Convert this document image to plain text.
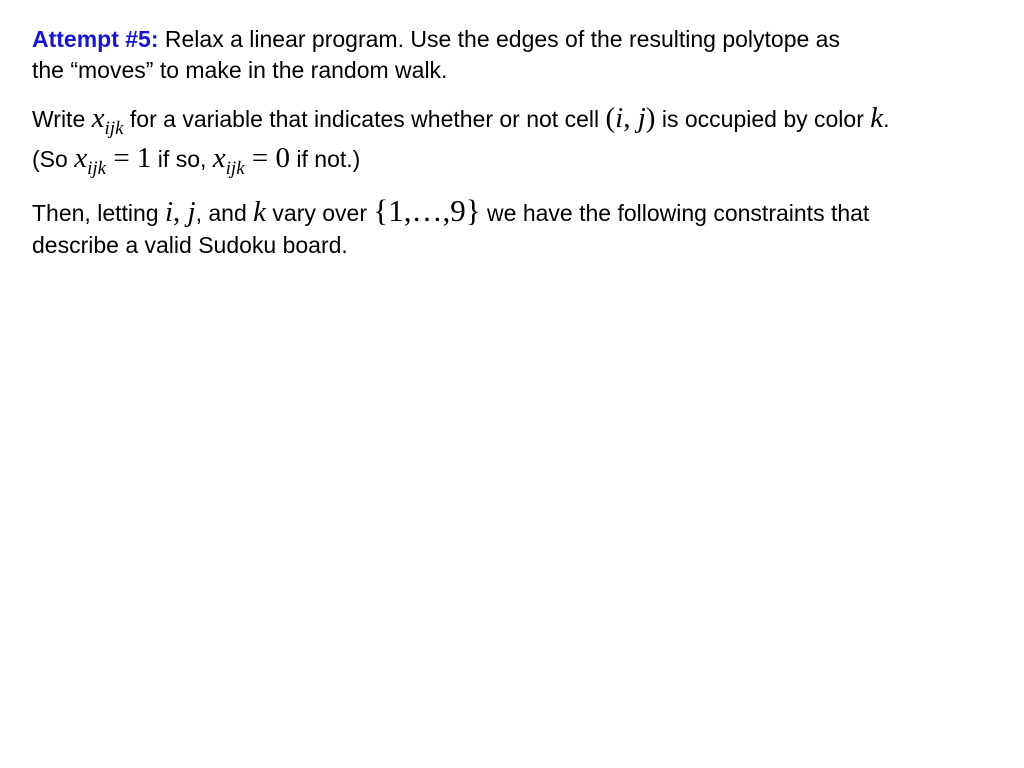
Attempt #5: Relax a linear program. Use the edges of the resulting polytope as
the “moves” to make in the random walk.

Write $x_{ijk}$ for a variable that indicates whether or not cell (i, j) is occupied by color k.
(So $x_{ijk} = 1$ if so, $x_{ijk} = 0$ if not.)

Then, letting i, j, and k vary over {1,…,9} we have the following constraints that
describe a valid Sudoku board.
